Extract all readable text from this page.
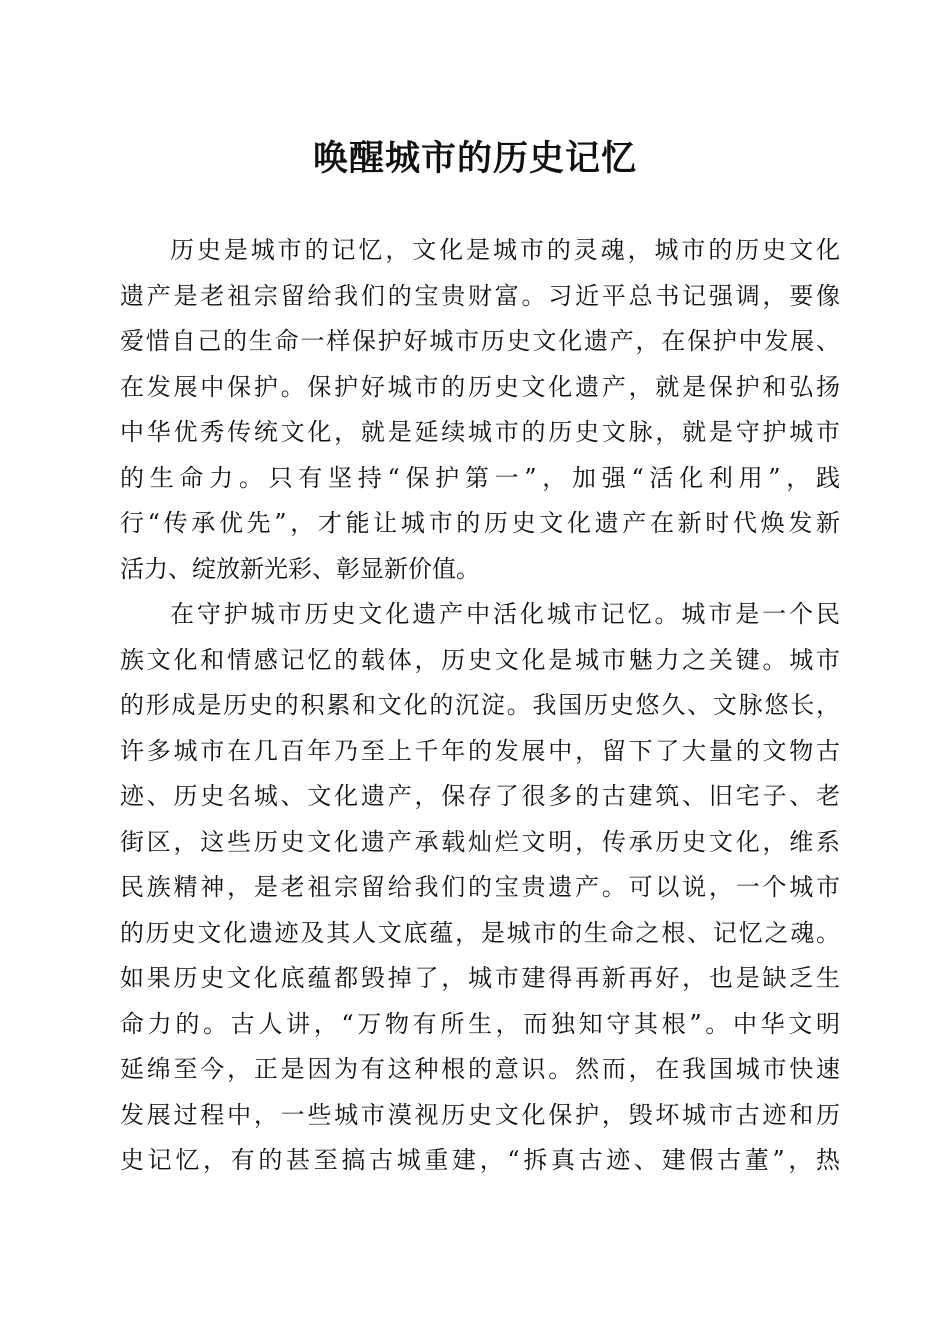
唤醒城市的历史记忆
历史是城市的记忆，文化是城市的灵魂，城市的历史文化
遗产是老祖宗留给我们的宝贵财富。习近平总书记强调，要像
爱惜自己的生命一样保护好城市历史文化遗产，在保护中发展、
在发展中保护。保护好城市的历史文化遗产，就是保护和弘扬
中华优秀传统文化，就是延续城市的历史文脉，就是守护城市
的生命力。只有坚持“保护第一”，加强“活化利用”，践
行“传承优先”，才能让城市的历史文化遗产在新时代焕发新
活力、绽放新光彩、彰显新价值。
在守护城市历史文化遗产中活化城市记忆。城市是一个民
族文化和情感记忆的载体，历史文化是城市魅力之关键。城市
的形成是历史的积累和文化的沉淀。我国历史悠久、文脉悠长，
许多城市在几百年乃至上千年的发展中，留下了大量的文物古
迹、历史名城、文化遗产，保存了很多的古建筑、旧宅子、老
街区，这些历史文化遗产承载灿烂文明，传承历史文化，维系
民族精神，是老祖宗留给我们的宝贵遗产。可以说，一个城市
的历史文化遗迹及其人文底蕴，是城市的生命之根、记忆之魂。
如果历史文化底蕴都毁掉了，城市建得再新再好，也是缺乏生
命力的。古人讲，“万物有所生，而独知守其根”。中华文明
延绵至今，正是因为有这种根的意识。然而，在我国城市快速
发展过程中，一些城市漠视历史文化保护，毁坏城市古迹和历
史记忆，有的甚至搞古城重建，“拆真古迹、建假古董”，热
